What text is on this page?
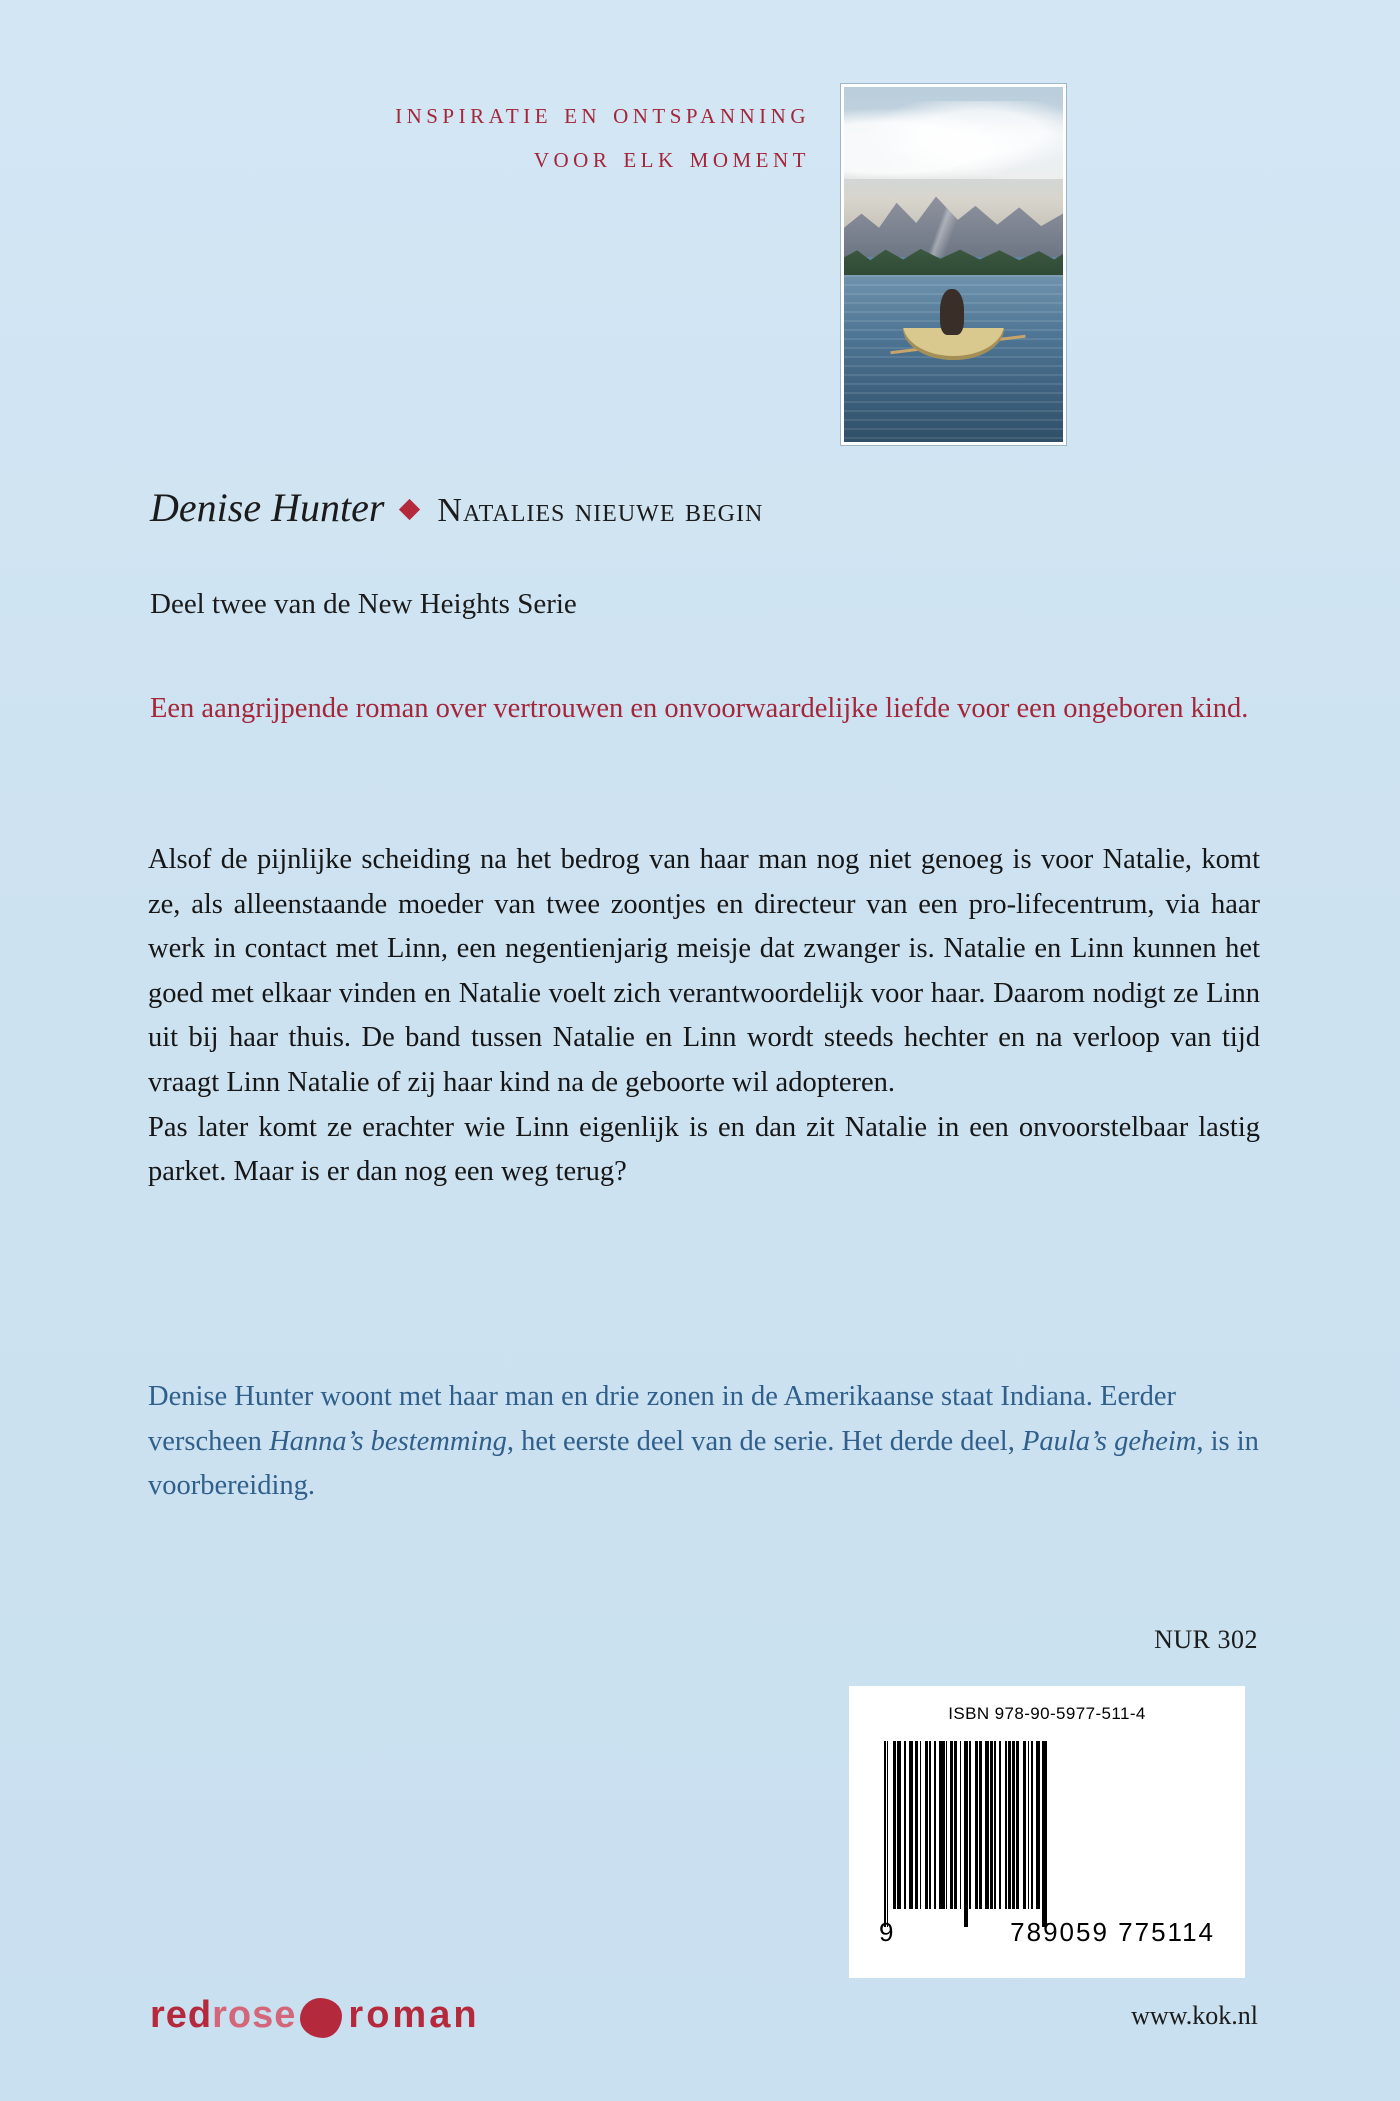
inspiratie en ontspanning
voor elk moment
Denise Hunter Natalies nieuwe begin
Deel twee van de New Heights Serie
Een aangrijpende roman over vertrouwen en onvoorwaardelijke liefde voor een ongeboren kind.

Alsof de pijnlijke scheiding na het bedrog van haar man nog niet genoeg is voor Natalie, komt ze, als alleenstaande moeder van twee zoontjes en directeur van een pro-lifecentrum, via haar werk in contact met Linn, een negentienjarig meisje dat zwanger is. Natalie en Linn kunnen het goed met elkaar vinden en Natalie voelt zich verantwoordelijk voor haar. Daarom nodigt ze Linn uit bij haar thuis. De band tussen Natalie en Linn wordt steeds hechter en na verloop van tijd vraagt Linn Natalie of zij haar kind na de geboorte wil adopteren.

Pas later komt ze erachter wie Linn eigenlijk is en dan zit Natalie in een onvoorstelbaar lastig parket. Maar is er dan nog een weg terug?

Denise Hunter woont met haar man en drie zonen in de Amerikaanse staat Indiana. Eerder verscheen Hanna’s bestemming, het eerste deel van de serie. Het derde deel, Paula’s geheim, is in voorbereiding.
NUR 302
ISBN 978-90-5977-511-4
9	789059 775114
red rose roman	www.kok.nl
